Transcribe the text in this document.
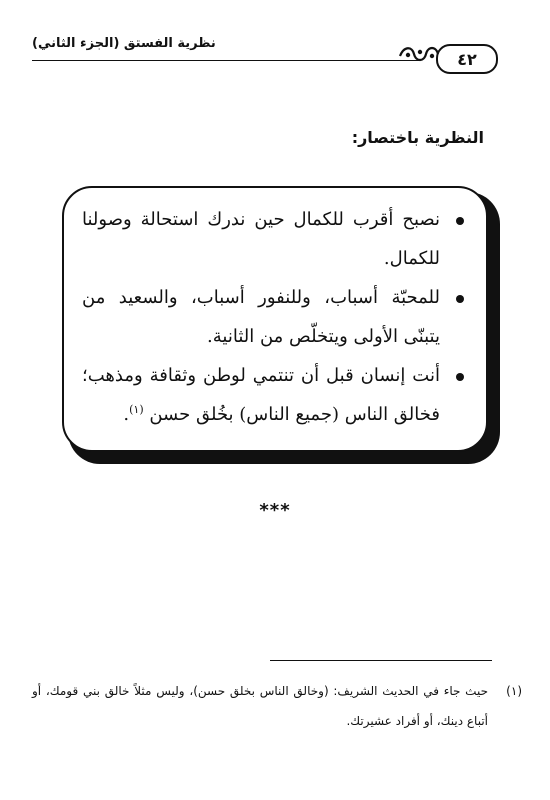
نظرية الفستق (الجزء الثاني)
٤٢
النظرية باختصار:
نصبح أقرب للكمال حين ندرك استحالة وصولنا للكمال.
للمحبّة أسباب، وللنفور أسباب، والسعيد من يتبنّى الأولى ويتخلّص من الثانية.
أنت إنسان قبل أن تنتمي لوطن وثقافة ومذهب؛ فخالق الناس (جميع الناس) بخُلق حسن $^{(١)}$.
***
(١)
حيث جاء في الحديث الشريف: (وخالق الناس بخلق حسن)، وليس مثلاً خالق بني قومك، أو أتباع دينك، أو أفراد عشيرتك.
